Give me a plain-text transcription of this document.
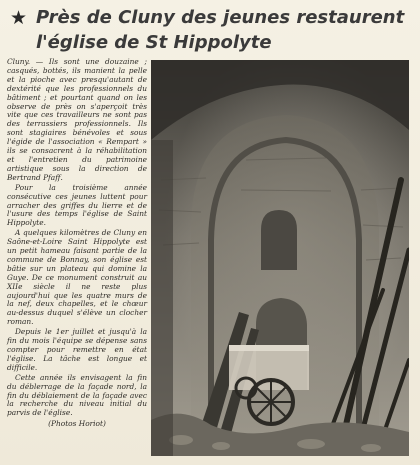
★ Près de Cluny des jeunes restaurent
l'église de St Hippolyte

Cluny. — Ils sont une douzaine ; casqués, bottés, ils manient la pelle et la pioche avec presqu'autant de dextérité que les professionnels du bâtiment ; et pourtant quand on les observe de près on s'aperçoit très vite que ces travailleurs ne sont pas des terrassiers professionnels. Ils sont stagiaires bénévoles et sous l'égide de l'association « Rempart » ils se consacrent à la réhabilitation et l'entretien du patrimoine artistique sous la direction de Bertrand Pfaff.

Pour la troisième année consécutive ces jeunes luttent pour arracher des griffes du lierre et de l'usure des temps l'église de Saint Hippolyte.

A quelques kilomètres de Cluny en Saône-et-Loire Saint Hippolyte est un petit hameau faisant partie de la commune de Bonnay, son église est bâtie sur un plateau qui domine la Guye. De ce monument construit au XIIe siècle il ne reste plus aujourd'hui que les quatre murs de la nef, deux chapelles, et le chœur au-dessus duquel s'élève un clocher roman.

Depuis le 1er juillet et jusqu'à la fin du mois l'équipe se dépense sans compter pour remettre en état l'église. La tâche est longue et difficile.

Cette année ils envisagent la fin du déblerrage de la façade nord, la fin du déblaiement de la façade avec la recherche du niveau initial du parvis de l'église.

(Photos Horiot)
